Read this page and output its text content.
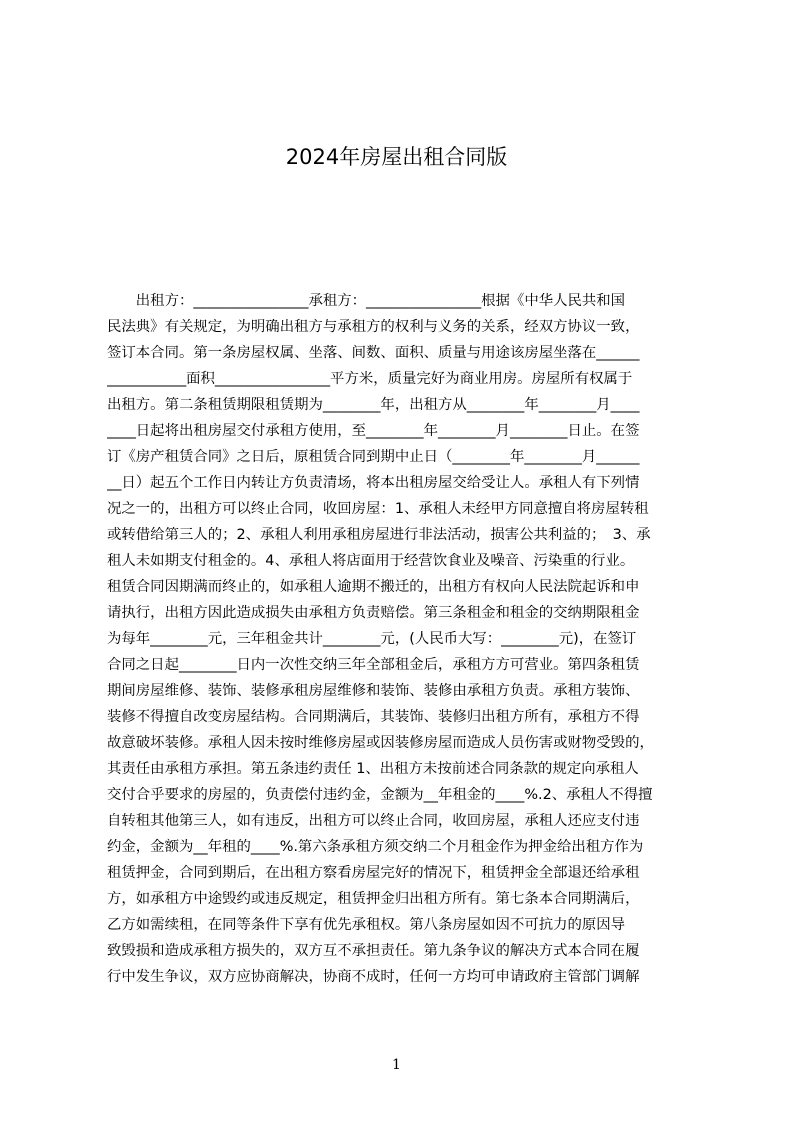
2024年房屋出租合同版
　　出租方：________________承租方：________________根据《中华人民共和国
民法典》有关规定，为明确出租方与承租方的权利与义务的关系，经双方协议一致，
签订本合同。第一条房屋权属、坐落、间数、面积、质量与用途该房屋坐落在______
___________面积________________平方米，质量完好为商业用房。房屋所有权属于
出租方。第二条租赁期限租赁期为________年，出租方从________年________月____
____日起将出租房屋交付承租方使用，至________年________月________日止。在签
订《房产租赁合同》之日后，原租赁合同到期中止日（________年________月______
__日）起五个工作日内转让方负责清场，将本出租房屋交给受让人。承租人有下列情
况之一的，出租方可以终止合同，收回房屋：1、承租人未经甲方同意擅自将房屋转租
或转借给第三人的；2、承租人利用承租房屋进行非法活动，损害公共利益的；　3、承
租人未如期支付租金的。4、承租人将店面用于经营饮食业及噪音、污染重的行业。
租赁合同因期满而终止的，如承租人逾期不搬迁的，出租方有权向人民法院起诉和申
请执行，出租方因此造成损失由承租方负责赔偿。第三条租金和租金的交纳期限租金
为每年________元，三年租金共计________元，(人民币大写：________元)，在签订
合同之日起________日内一次性交纳三年全部租金后，承租方方可营业。第四条租赁
期间房屋维修、装饰、装修承租房屋维修和装饰、装修由承租方负责。承租方装饰、
装修不得擅自改变房屋结构。合同期满后，其装饰、装修归出租方所有，承租方不得
故意破坏装修。承租人因未按时维修房屋或因装修房屋而造成人员伤害或财物受毁的，
其责任由承租方承担。第五条违约责任 1、出租方未按前述合同条款的规定向承租人
交付合乎要求的房屋的，负责偿付违约金，金额为__年租金的____%.2、承租人不得擅
自转租其他第三人，如有违反，出租方可以终止合同，收回房屋，承租人还应支付违
约金，金额为__年租的____%.第六条承租方须交纳二个月租金作为押金给出租方作为
租赁押金，合同到期后，在出租方察看房屋完好的情况下，租赁押金全部退还给承租
方，如承租方中途毁约或违反规定，租赁押金归出租方所有。第七条本合同期满后，
乙方如需续租，在同等条件下享有优先承租权。第八条房屋如因不可抗力的原因导
致毁损和造成承租方损失的，双方互不承担责任。第九条争议的解决方式本合同在履
行中发生争议，双方应协商解决，协商不成时，任何一方均可申请政府主管部门调解
1
